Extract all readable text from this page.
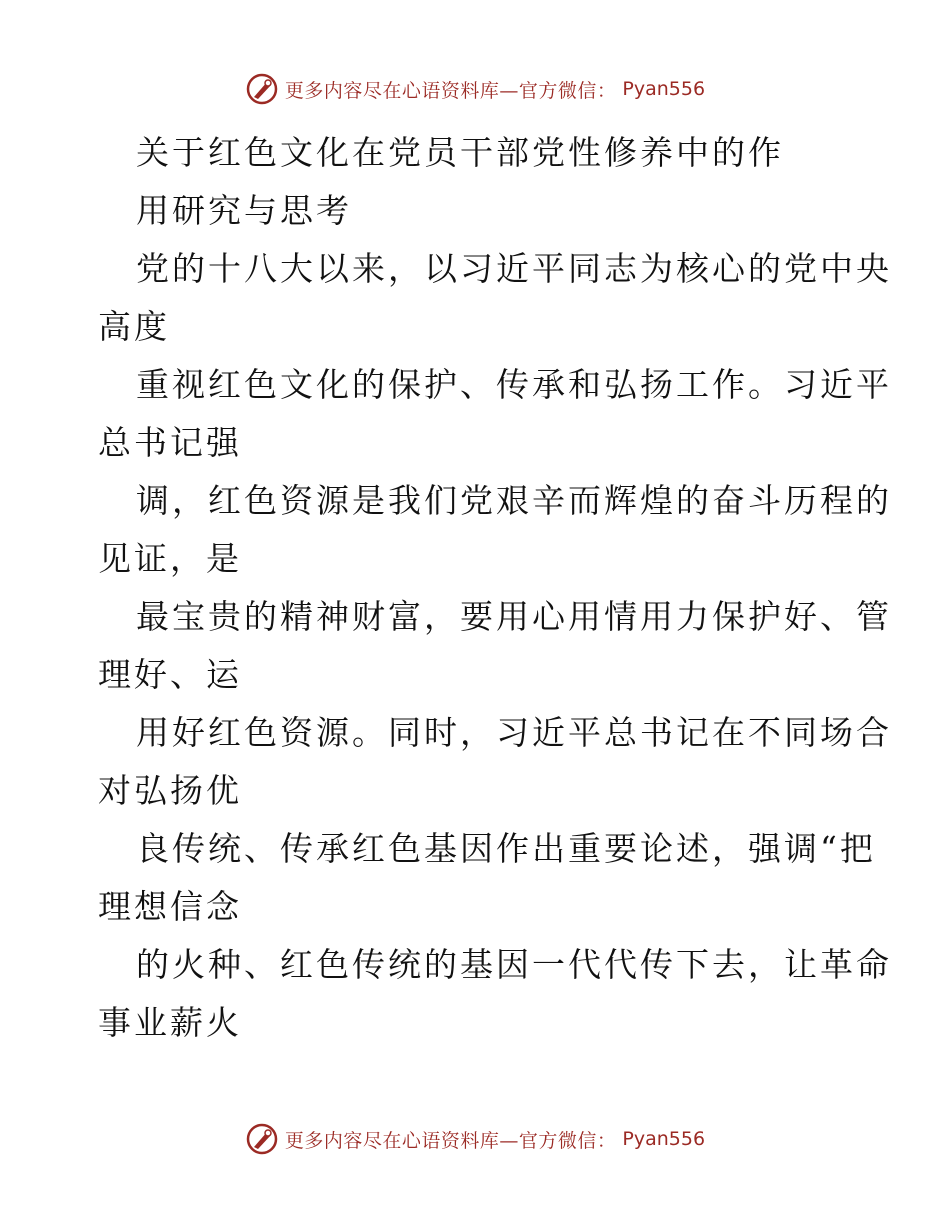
更多内容尽在心语资料库—官方微信： Pyan556
关于红色文化在党员干部党性修养中的作
用研究与思考
党的十八大以来，以习近平同志为核心的党中央
高度
重视红色文化的保护、传承和弘扬工作。习近平
总书记强
调，红色资源是我们党艰辛而辉煌的奋斗历程的
见证，是
最宝贵的精神财富，要用心用情用力保护好、管
理好、运
用好红色资源。同时，习近平总书记在不同场合
对弘扬优
良传统、传承红色基因作出重要论述，强调“把
理想信念
的火种、红色传统的基因一代代传下去，让革命
事业薪火
更多内容尽在心语资料库—官方微信： Pyan556
